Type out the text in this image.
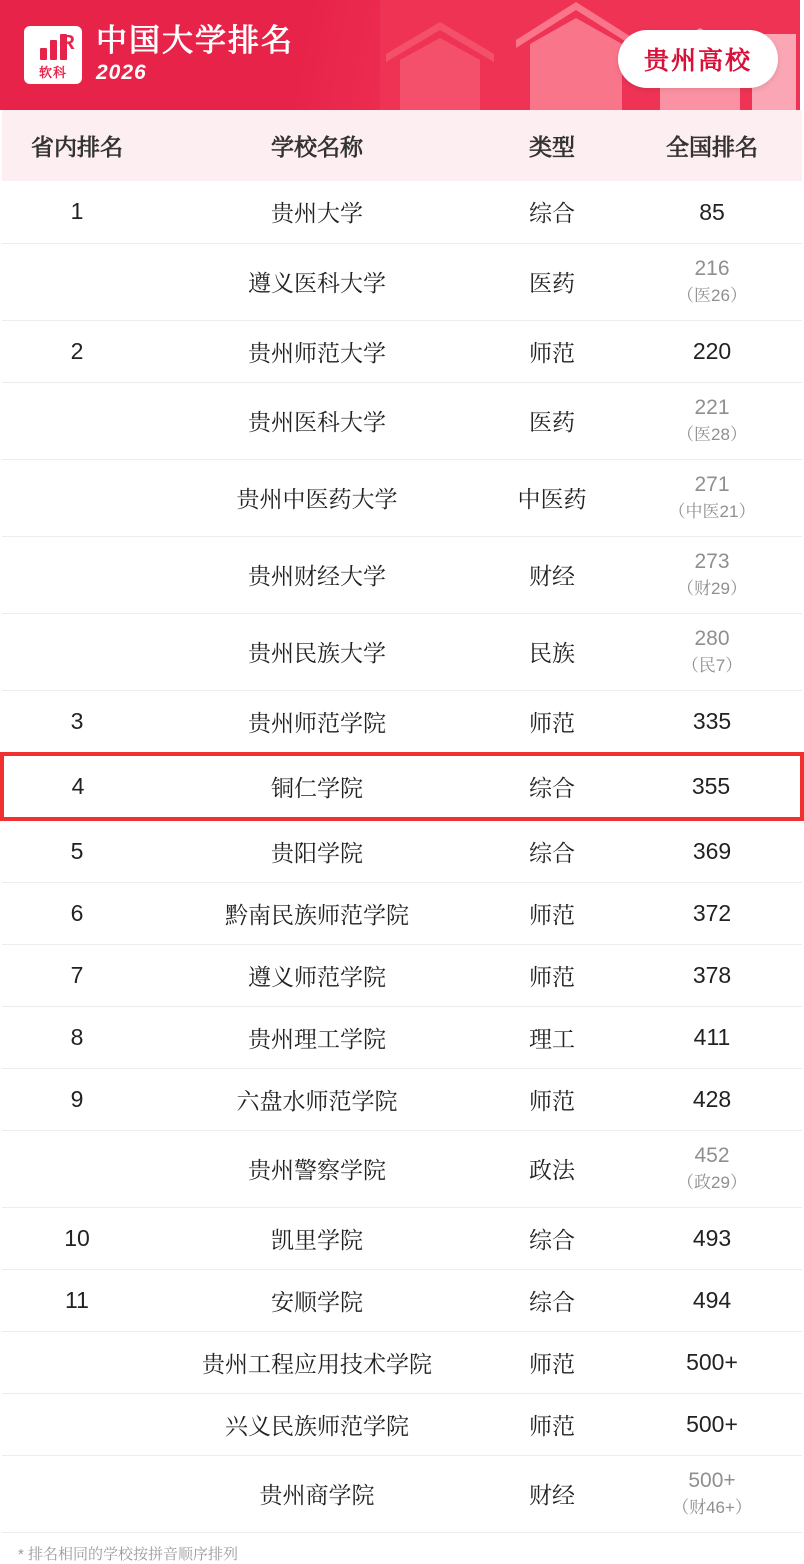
R
软科
中国大学排名
2026	贵州高校
省内排名	学校名称	类型	全国排名
1	贵州大学	综合	85

	遵义医科大学	医药	216
（医26）

2	贵州师范大学	师范	220

	贵州医科大学	医药	221
（医28）

	贵州中医药大学	中医药	271
（中医21）

	贵州财经大学	财经	273
（财29）

	贵州民族大学	民族	280
（民7）

3	贵州师范学院	师范	335

4	铜仁学院	综合	355

5	贵阳学院	综合	369

6	黔南民族师范学院	师范	372

7	遵义师范学院	师范	378

8	贵州理工学院	理工	411

9	六盘水师范学院	师范	428

	贵州警察学院	政法	452
（政29）

10	凯里学院	综合	493

11	安顺学院	综合	494

	贵州工程应用技术学院	师范	500+

	兴义民族师范学院	师范	500+

	贵州商学院	财经	500+
（财46+）
* 排名相同的学校按拼音顺序排列
